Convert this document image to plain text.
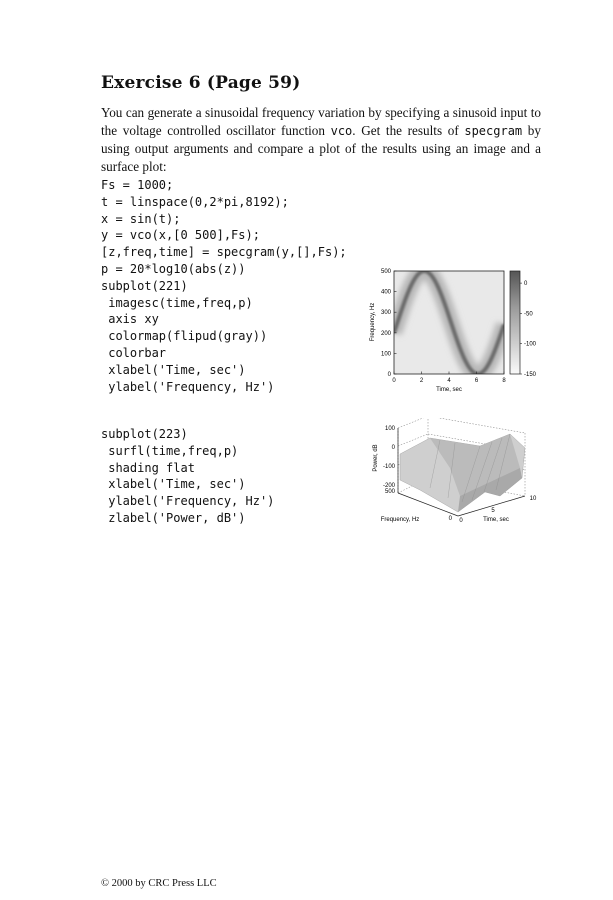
Exercise 6 (Page 59)
You can generate a sinusoidal frequency variation by specifying a sinusoid input to the voltage controlled oscillator function vco. Get the results of specgram by using output arguments and compare a plot of the results using an image and a surface plot:
Fs = 1000;
t = linspace(0,2*pi,8192);
x = sin(t);
y = vco(x,[0 500],Fs);
[z,freq,time] = specgram(y,[],Fs);
p = 20*log10(abs(z))
subplot(221)
imagesc(time,freq,p)
axis xy
colormap(flipud(gray))
colorbar
xlabel('Time, sec')
ylabel('Frequency, Hz')
subplot(223)
surfl(time,freq,p)
shading flat
xlabel('Time, sec')
ylabel('Frequency, Hz')
zlabel('Power, dB')
0	2	4	6	8
0
100
200
300
400
500
Time, sec
Frequency, Hz
0
-50
-100
-150
100
0
-100
-200
500
0 0
5
10
Frequency, Hz	Time, sec
Power, dB
© 2000 by CRC Press LLC
